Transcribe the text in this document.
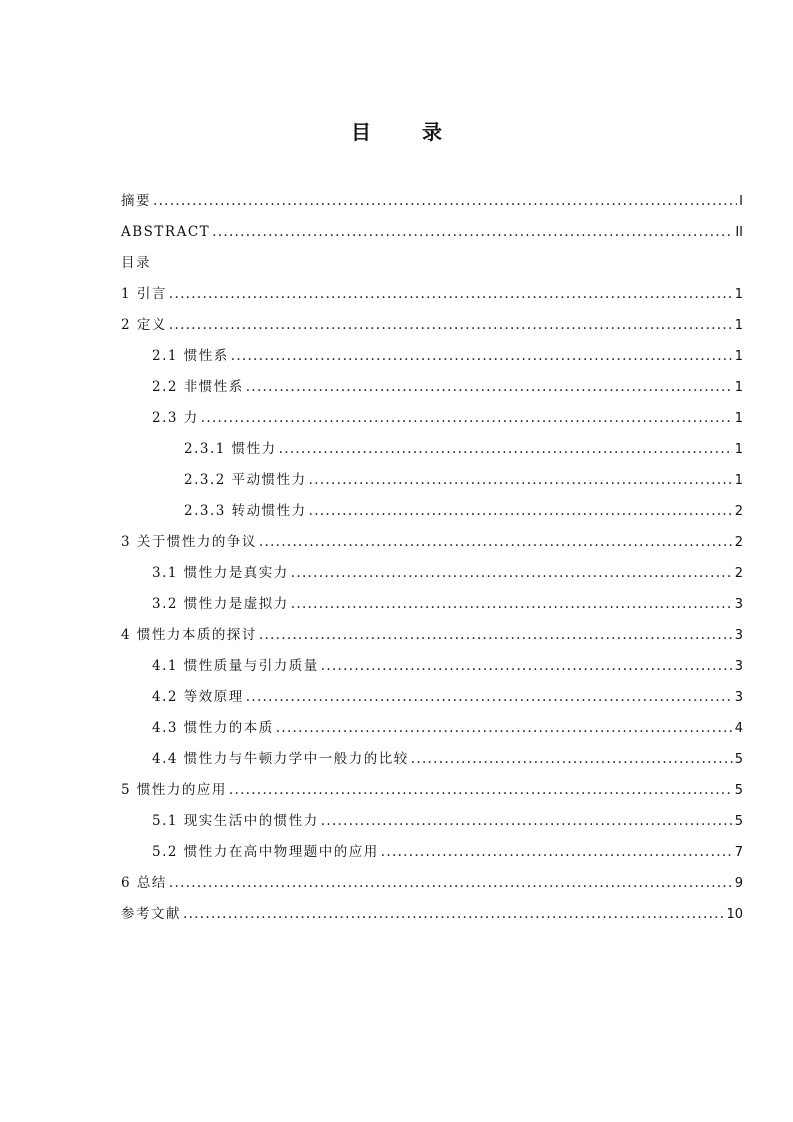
目 录
摘要 .....	I
ABSTRACT .....	II
目录
1 引言 .....	1
2 定义 .....	1
2.1 惯性系 .....	1
2.2 非惯性系 .....	1
2.3 力 .....	1
2.3.1 惯性力 .....	1
2.3.2 平动惯性力 .....	1
2.3.3 转动惯性力 .....	2
3 关于惯性力的争议 .....	2
3.1 惯性力是真实力 .....	2
3.2 惯性力是虚拟力 .....	3
4 惯性力本质的探讨 .....	3
4.1 惯性质量与引力质量 .....	3
4.2 等效原理 .....	3
4.3 惯性力的本质 .....	4
4.4 惯性力与牛顿力学中一般力的比较 .....	5
5 惯性力的应用 .....	5
5.1 现实生活中的惯性力 .....	5
5.2 惯性力在高中物理题中的应用 .....	7
6 总结 .....	9
参考文献 .....	10
